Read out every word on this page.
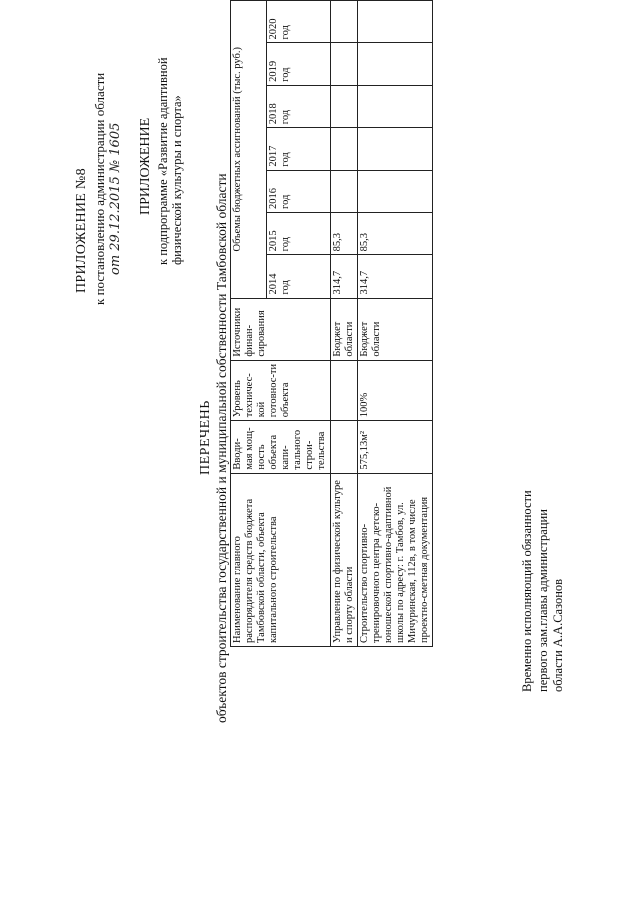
ПРИЛОЖЕНИЕ №8 к постановлению администрации области от 29.12.2015 № 1605 ПРИЛОЖЕНИЕ к подпрограмме «Развитие адаптивной физической культуры и спорта»
ПЕРЕЧЕНЬ объектов строительства государственной и муниципальной собственности Тамбовской области Наименование главного распорядителя средств бюджета Тамбовской области, объекта капитального строительства	Вводи-мая мощ-ность объекта капи-тального строи-тельства	Уровень техничес-кой готовнос-ти объекта	Источники финан-сирования	Объемы бюджетных ассигнований (тыс. руб.)						
				2014 год	2015 год	2016 год	2017 год	2018 год	2019 год	2020 год
Управление по физической культуре и спорту области			Бюджет области	314,7	85,3					
Строительство спортивно-тренировочного центра детско-юношеской спортивно-адаптивной школы по адресу: г. Тамбов, ул. Мичуринская, 112в, в том числе проектно-сметная документация	575,13м²	100%	Бюджет области	314,7	85,3					
Временно исполняющий обязанности первого зам.главы администрации области А.А.Сазонов
